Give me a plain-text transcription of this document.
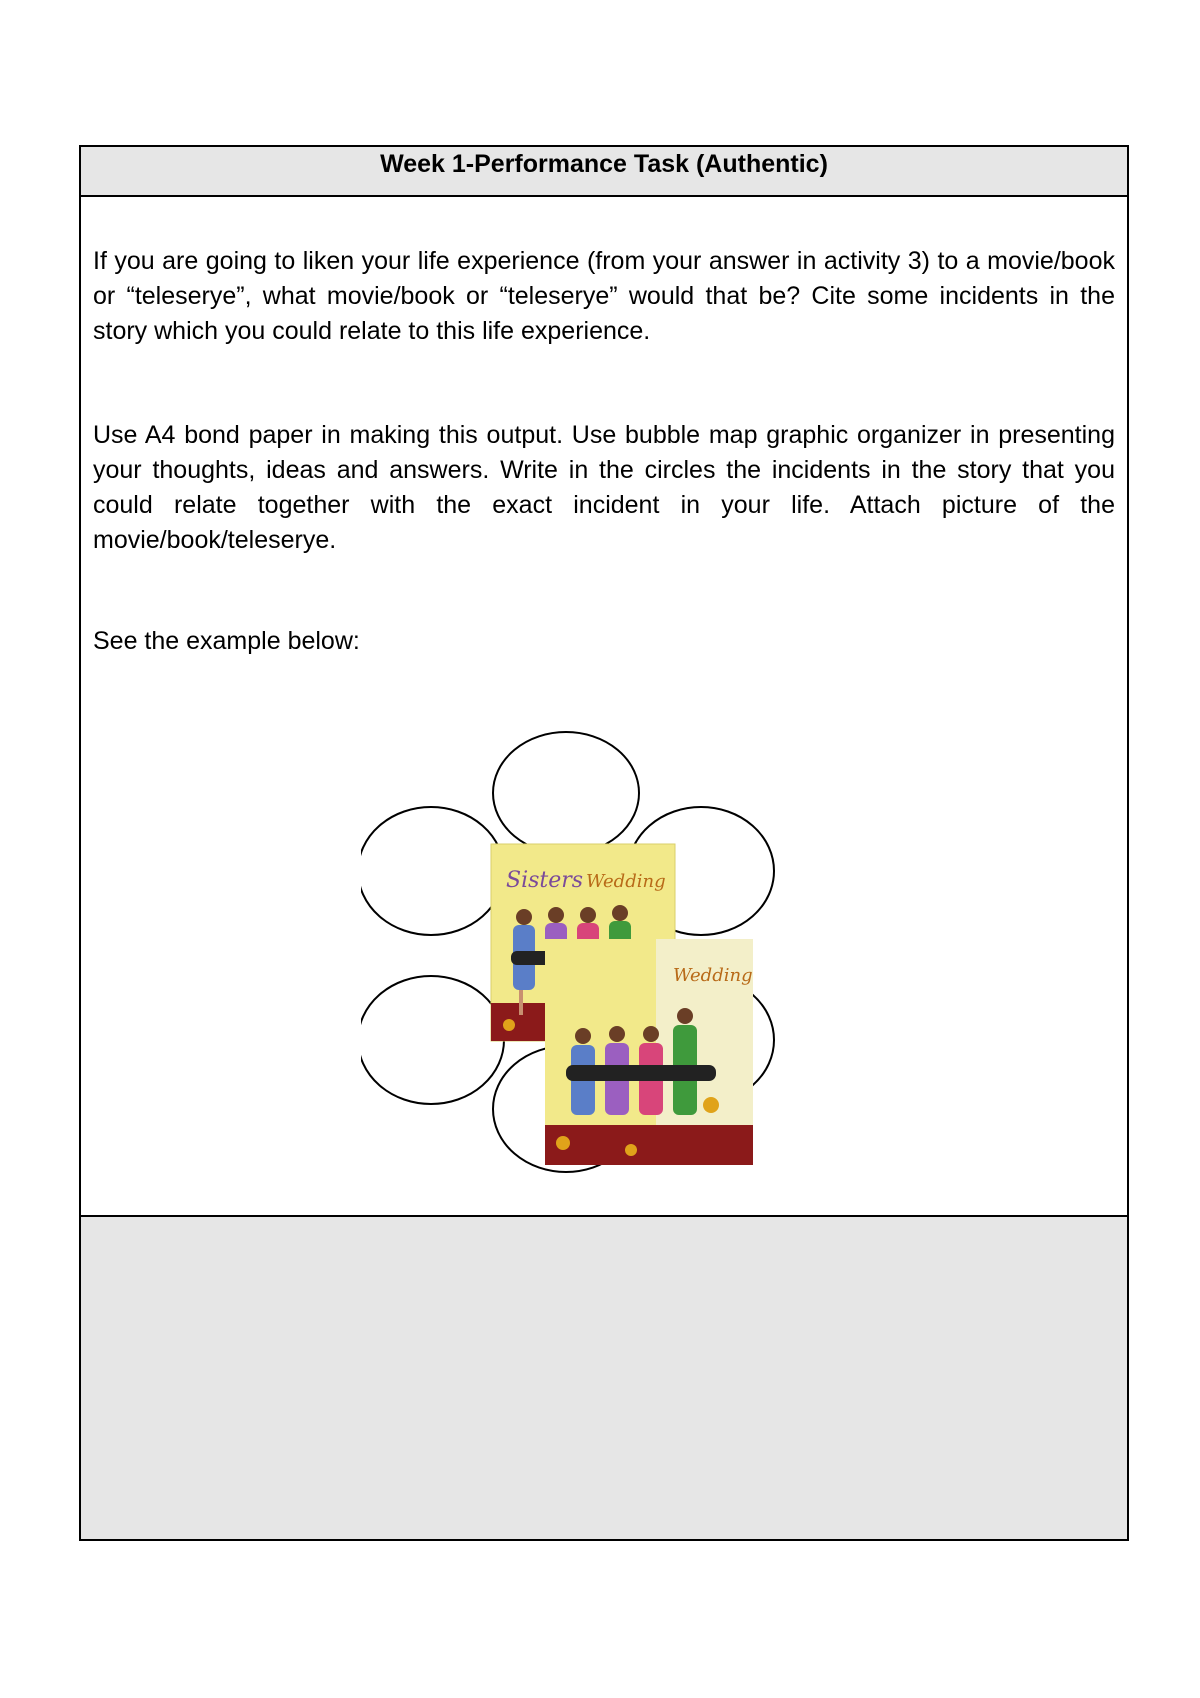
Week 1-Performance Task (Authentic)

If you are going to liken your life experience (from your answer in activity 3) to a movie/book or “teleserye”, what movie/book or “teleserye” would that be? Cite some incidents in the story which you could relate to this life experience.

Use A4 bond paper in making this output. Use bubble map graphic organizer in presenting your thoughts, ideas and answers. Write in the circles the incidents in the story that you could relate together with the exact incident in your life. Attach picture of the movie/book/teleserye.

See the example below:

Sisters Wedding
Wedding
